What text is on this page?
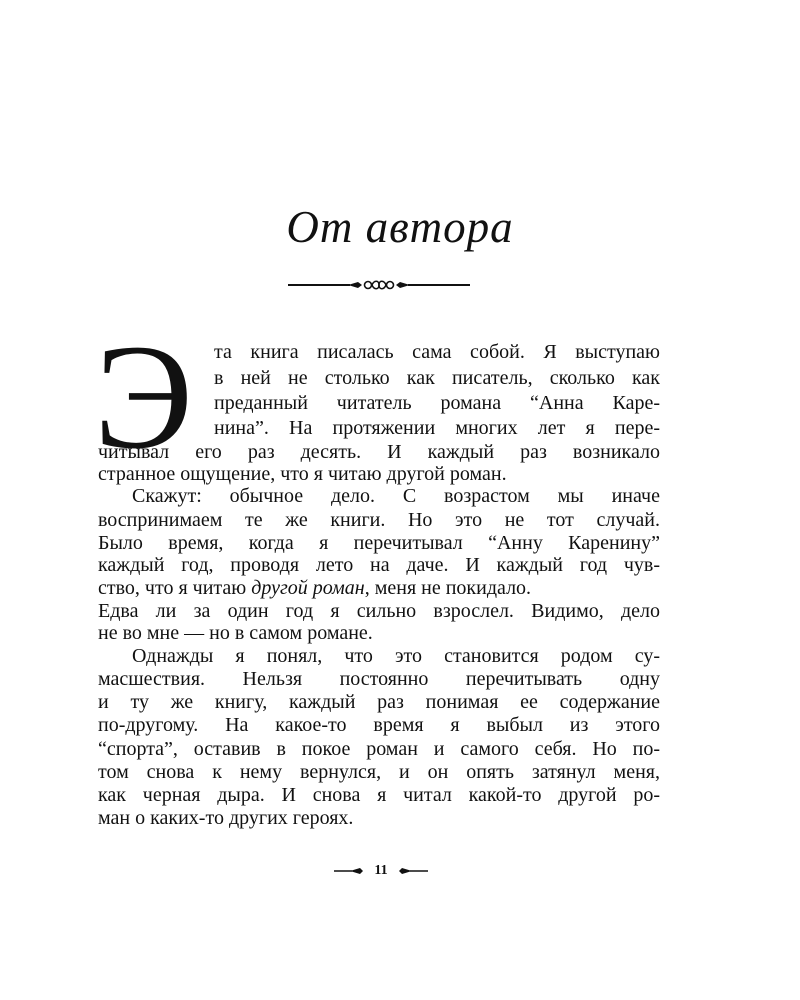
От автора
Э та книга писалась сама собой. Я выступаю
в ней не столько как писатель, сколько как
преданный читатель романа “Анна Карe-
нина”. На протяжении многих лет я пере-
читывал его раз десять. И каждый раз возникало
странное ощущение, что я читаю другой роман.
Скажут: обычное дело. С возрастом мы иначе
воспринимаем те же книги. Но это не тот случай.
Было время, когда я перечитывал “Анну Каренину”
каждый год, проводя лето на даче. И каждый год чув-
ство, что я читаю другой роман , меня не покидало.
Едва ли за один год я сильно взрослел. Видимо, дело
не во мне — но в самом романе.
Однажды я понял, что это становится родом су-
масшествия. Нельзя постоянно перечитывать одну
и ту же книгу, каждый раз понимая ее содержание
по-другому. На какое-то время я выбыл из этого
“спорта”, оставив в покое роман и самого себя. Но по-
том снова к нему вернулся, и он опять затянул меня,
как черная дыра. И снова я читал какой-то другой ро-
ман о каких-то других героях.
11
